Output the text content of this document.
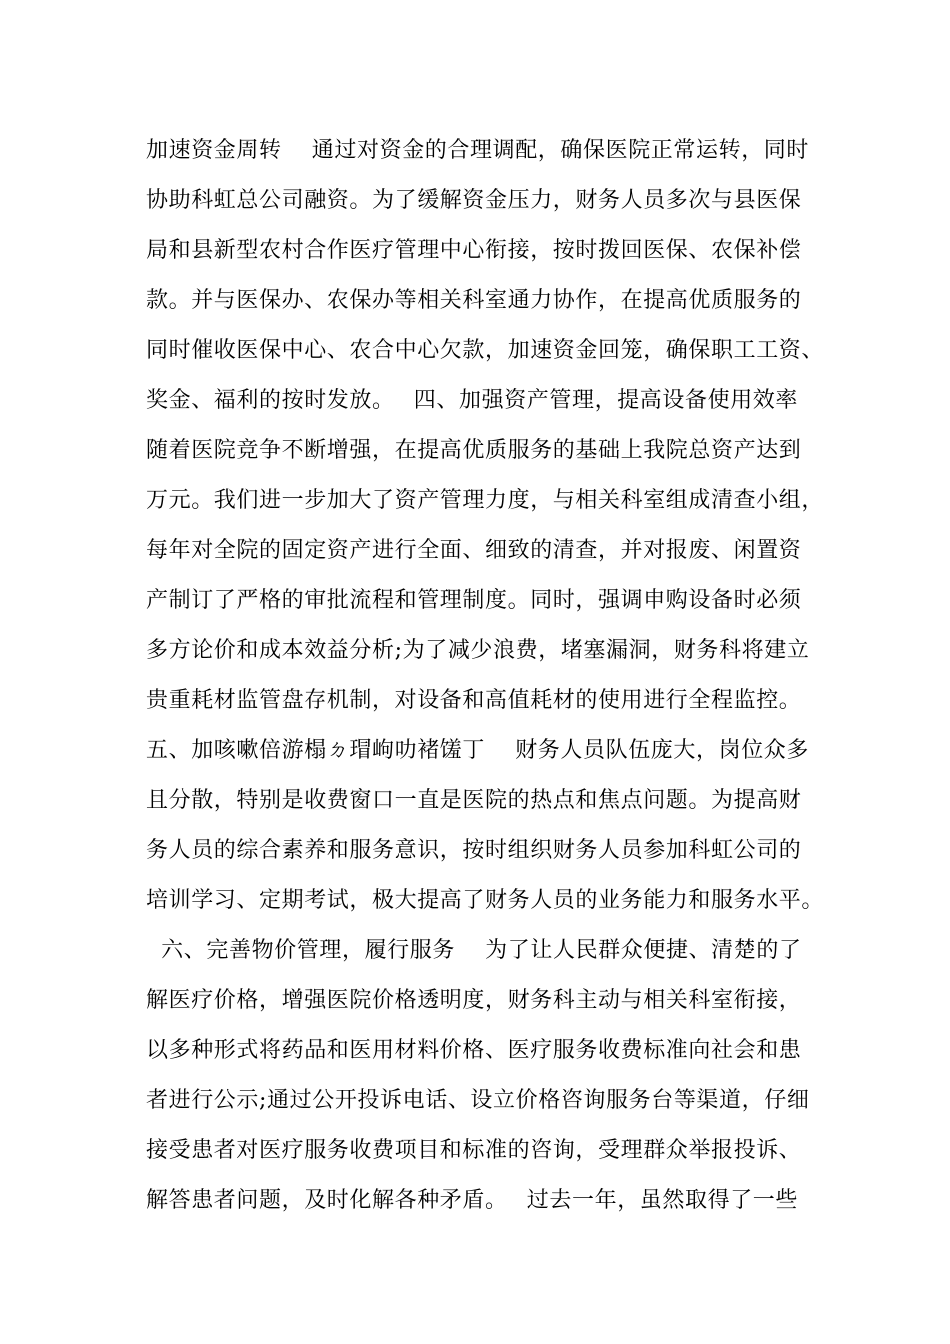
加速资金周转　 通过对资金的合理调配，确保医院正常运转，同时
协助科虹总公司融资。为了缓解资金压力，财务人员多次与县医保
局和县新型农村合作医疗管理中心衔接，按时拨回医保、农保补偿
款。并与医保办、农保办等相关科室通力协作，在提高优质服务的
同时催收医保中心、农合中心欠款，加速资金回笼，确保职工工资、
奖金、福利的按时发放。　 四、加强资产管理，提高设备使用效率
随着医院竞争不断增强，在提高优质服务的基础上我院总资产达到
万元。我们进一步加大了资产管理力度，与相关科室组成清查小组，
每年对全院的固定资产进行全面、细致的清查，并对报废、闲置资
产制订了严格的审批流程和管理制度。同时，强调申购设备时必须
多方论价和成本效益分析;为了减少浪费，堵塞漏洞，财务科将建立
贵重耗材监管盘存机制，对设备和高值耗材的使用进行全程监控。
五、加咳嗽倍游榻ㄉ瑁岣叻褚馐丁　 财务人员队伍庞大，岗位众多
且分散，特别是收费窗口一直是医院的热点和焦点问题。为提高财
务人员的综合素养和服务意识，按时组织财务人员参加科虹公司的
培训学习、定期考试，极大提高了财务人员的业务能力和服务水平。
六、完善物价管理，履行服务　 为了让人民群众便捷、清楚的了
解医疗价格，增强医院价格透明度，财务科主动与相关科室衔接，
以多种形式将药品和医用材料价格、医疗服务收费标准向社会和患
者进行公示;通过公开投诉电话、设立价格咨询服务台等渠道，仔细
接受患者对医疗服务收费项目和标准的咨询，受理群众举报投诉、
解答患者问题，及时化解各种矛盾。　 过去一年，虽然取得了一些
